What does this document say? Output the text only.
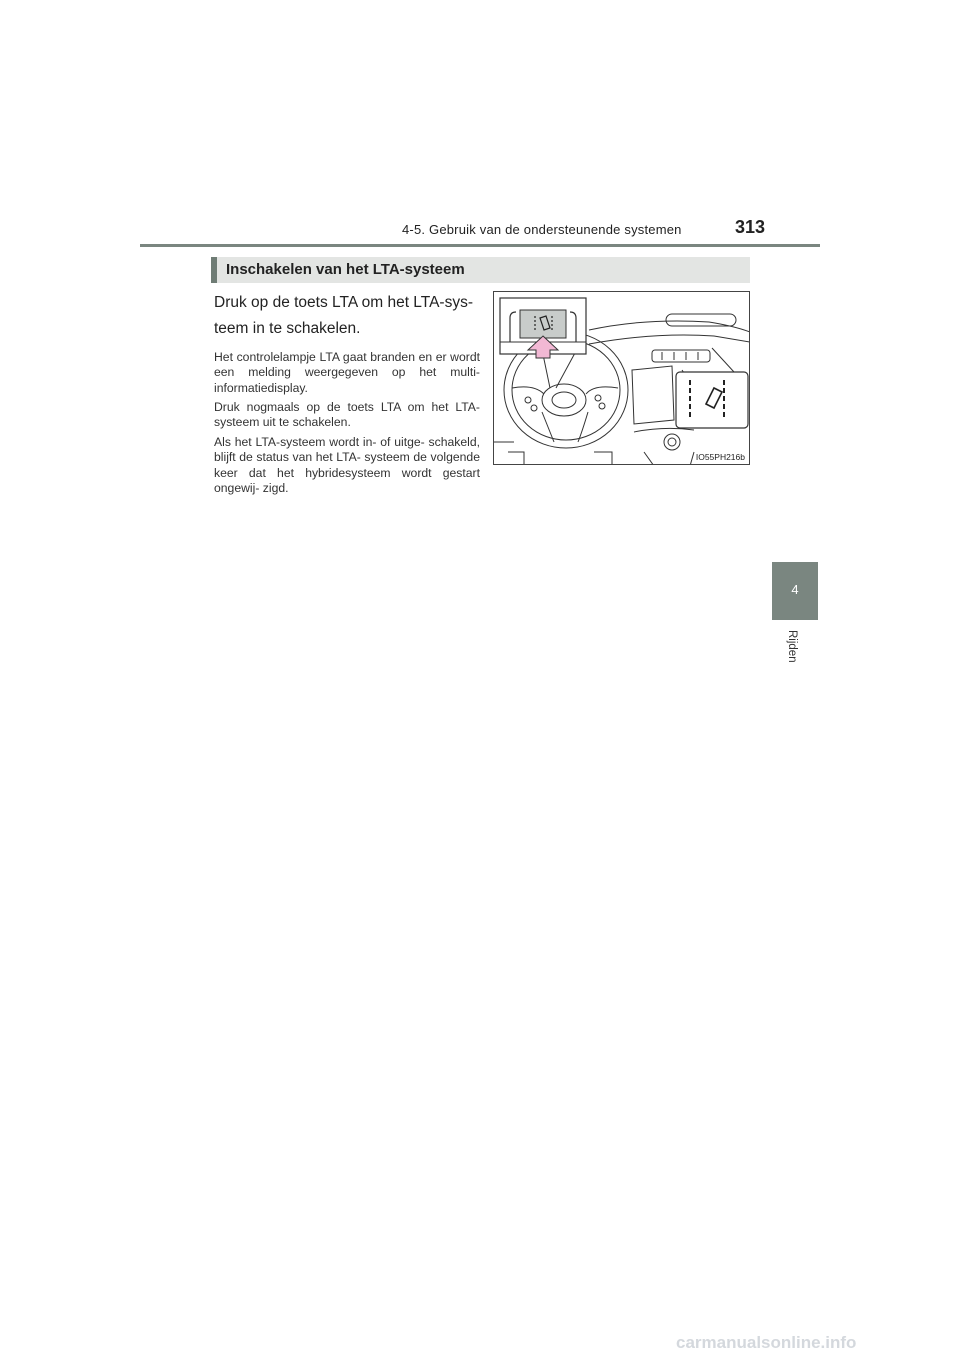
4-5. Gebruik van de ondersteunende systemen	313
Inschakelen van het LTA-systeem
Druk op de toets LTA om het LTA-sys- teem in te schakelen.
Het controlelampje LTA gaat branden en er wordt een melding weergegeven op het multi-informatiedisplay.
Druk nogmaals op de toets LTA om het LTA-systeem uit te schakelen.
Als het LTA-systeem wordt in- of uitge- schakeld, blijft de status van het LTA- systeem de volgende keer dat het hybridesysteem wordt gestart ongewij- zigd.
IO55PH216b
4
Rijden
carmanualsonline.info
